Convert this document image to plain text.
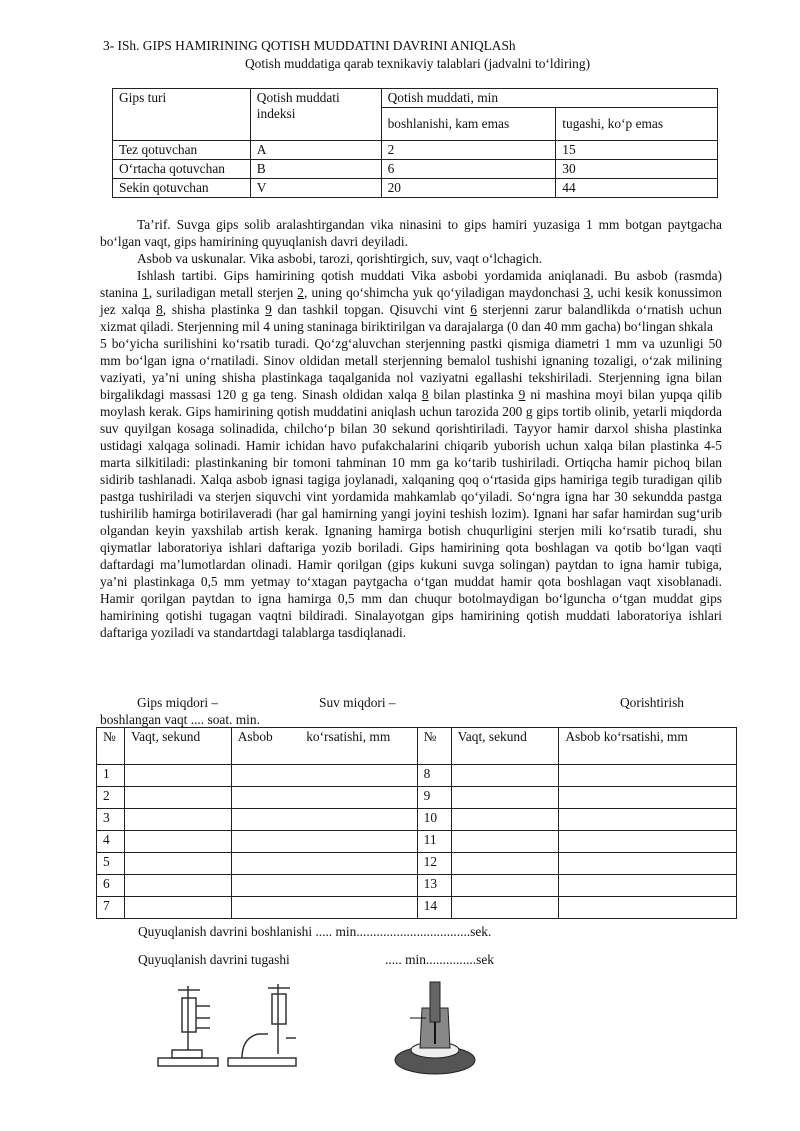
3- ISh. GIPS HAMIRINING QOTISH MUDDATINI DAVRINI ANIQLASh
Qotish muddatiga qarab texnikaviy talablari (jadvalni to‘ldiring)
Gips turi	Qotish muddati indeksi	Qotish muddati, min	
		boshlanishi, kam emas	tugashi, ko‘p emas
Tez qotuvchan	A	2	15
O‘rtacha qotuvchan	B	6	30
Sekin qotuvchan	V	20	44

Ta’rif. Suvga gips solib aralashtirgandan vika ninasini to gips hamiri yuzasiga 1 mm botgan paytgacha bo‘lgan vaqt, gips hamirining quyuqlanish davri deyiladi.

Asbob va uskunalar. Vika asbobi, tarozi, qorishtirgich, suv, vaqt o‘lchagich.

Ishlash tartibi. Gips hamirining qotish muddati Vika asbobi yordamida aniqlanadi. Bu asbob (rasmda) stanina 1, suriladigan metall sterjen 2, uning qo‘shimcha yuk qo‘yiladigan maydonchasi 3, uchi kesik konussimon jez xalqa 8, shisha plastinka 9 dan tashkil topgan. Qisuvchi vint 6 sterjenni zarur balandlikda o‘rnatish uchun xizmat qiladi. Sterjenning mil 4 uning staninaga biriktirilgan va darajalarga (0 dan 40 mm gacha) bo‘lingan shkala

5 bo‘yicha surilishini ko‘rsatib turadi. Qo‘zg‘aluvchan sterjenning pastki qismiga diametri 1 mm va uzunligi 50 mm bo‘lgan igna o‘rnatiladi. Sinov oldidan metall sterjenning bemalol tushishi ignaning tozaligi, o‘zak milining vaziyati, ya’ni uning shisha plastinkaga taqalganida nol vaziyatni egallashi tekshiriladi. Sterjenning igna bilan birgalikdagi massasi 120 g ga teng. Sinash oldidan xalqa 8 bilan plastinka 9 ni mashina moyi bilan yupqa qilib moylash kerak. Gips hamirining qotish muddatini aniqlash uchun tarozida 200 g gips tortib olinib, yetarli miqdorda suv quyilgan kosaga solinadida, chilcho‘p bilan 30 sekund qorishtiriladi. Tayyor hamir darxol shisha plastinka ustidagi xalqaga solinadi. Hamir ichidan havo pufakchalarini chiqarib yuborish uchun xalqa bilan plastinka 4-5 marta silkitiladi: plastinkaning bir tomoni tahminan 10 mm ga ko‘tarib tushiriladi. Ortiqcha hamir pichoq bilan sidirib tashlanadi. Xalqa asbob ignasi tagiga joylanadi, xalqaning qoq o‘rtasida gips hamiriga tegib turadigan qilib pastga tushiriladi va sterjen siquvchi vint yordamida mahkamlab qo‘yiladi. So‘ngra igna har 30 sekundda pastga tushirilib hamirga botirilaveradi (har gal hamirning yangi joyini teshish lozim). Ignani har safar hamirdan sug‘urib olgandan keyin yaxshilab artish kerak. Ignaning hamirga botish chuqurligini sterjen mili ko‘rsatib turadi, shu qiymatlar laboratoriya ishlari daftariga yozib boriladi. Gips hamirining qota boshlagan va qotib bo‘lgan vaqti daftardagi ma’lumotlardan olinadi. Hamir qorilgan (gips kukuni suvga solingan) paytdan to igna hamir tubiga, ya’ni plastinkaga 0,5 mm yetmay to‘xtagan paytgacha o‘tgan muddat hamir qota boshlagan vaqt xisoblanadi. Hamir qorilgan paytdan to igna hamirga 0,5 mm dan chuqur botolmaydigan bo‘lguncha o‘tgan muddat gips hamirining qotishi tugagan vaqtni bildiradi. Sinalayotgan gips hamirining qotish muddati laboratoriya ishlari daftariga yoziladi va standartdagi talablarga tasdiqlanadi.

Gips miqdori –	Suv miqdori –	Qorishtirish
boshlangan vaqt .... soat. min.
№	Vaqt, sekund	Asbob          ko‘rsatishi, mm	№	Vaqt, sekund	Asbob ko‘rsatishi, mm
1			8		
2			9		
3			10		
4			11		
5			12		
6			13		
7			14		
Quyuqlanish davrini boshlanishi ..... min..................................sek.
Quyuqlanish davrini tugashi	..... min...............sek
